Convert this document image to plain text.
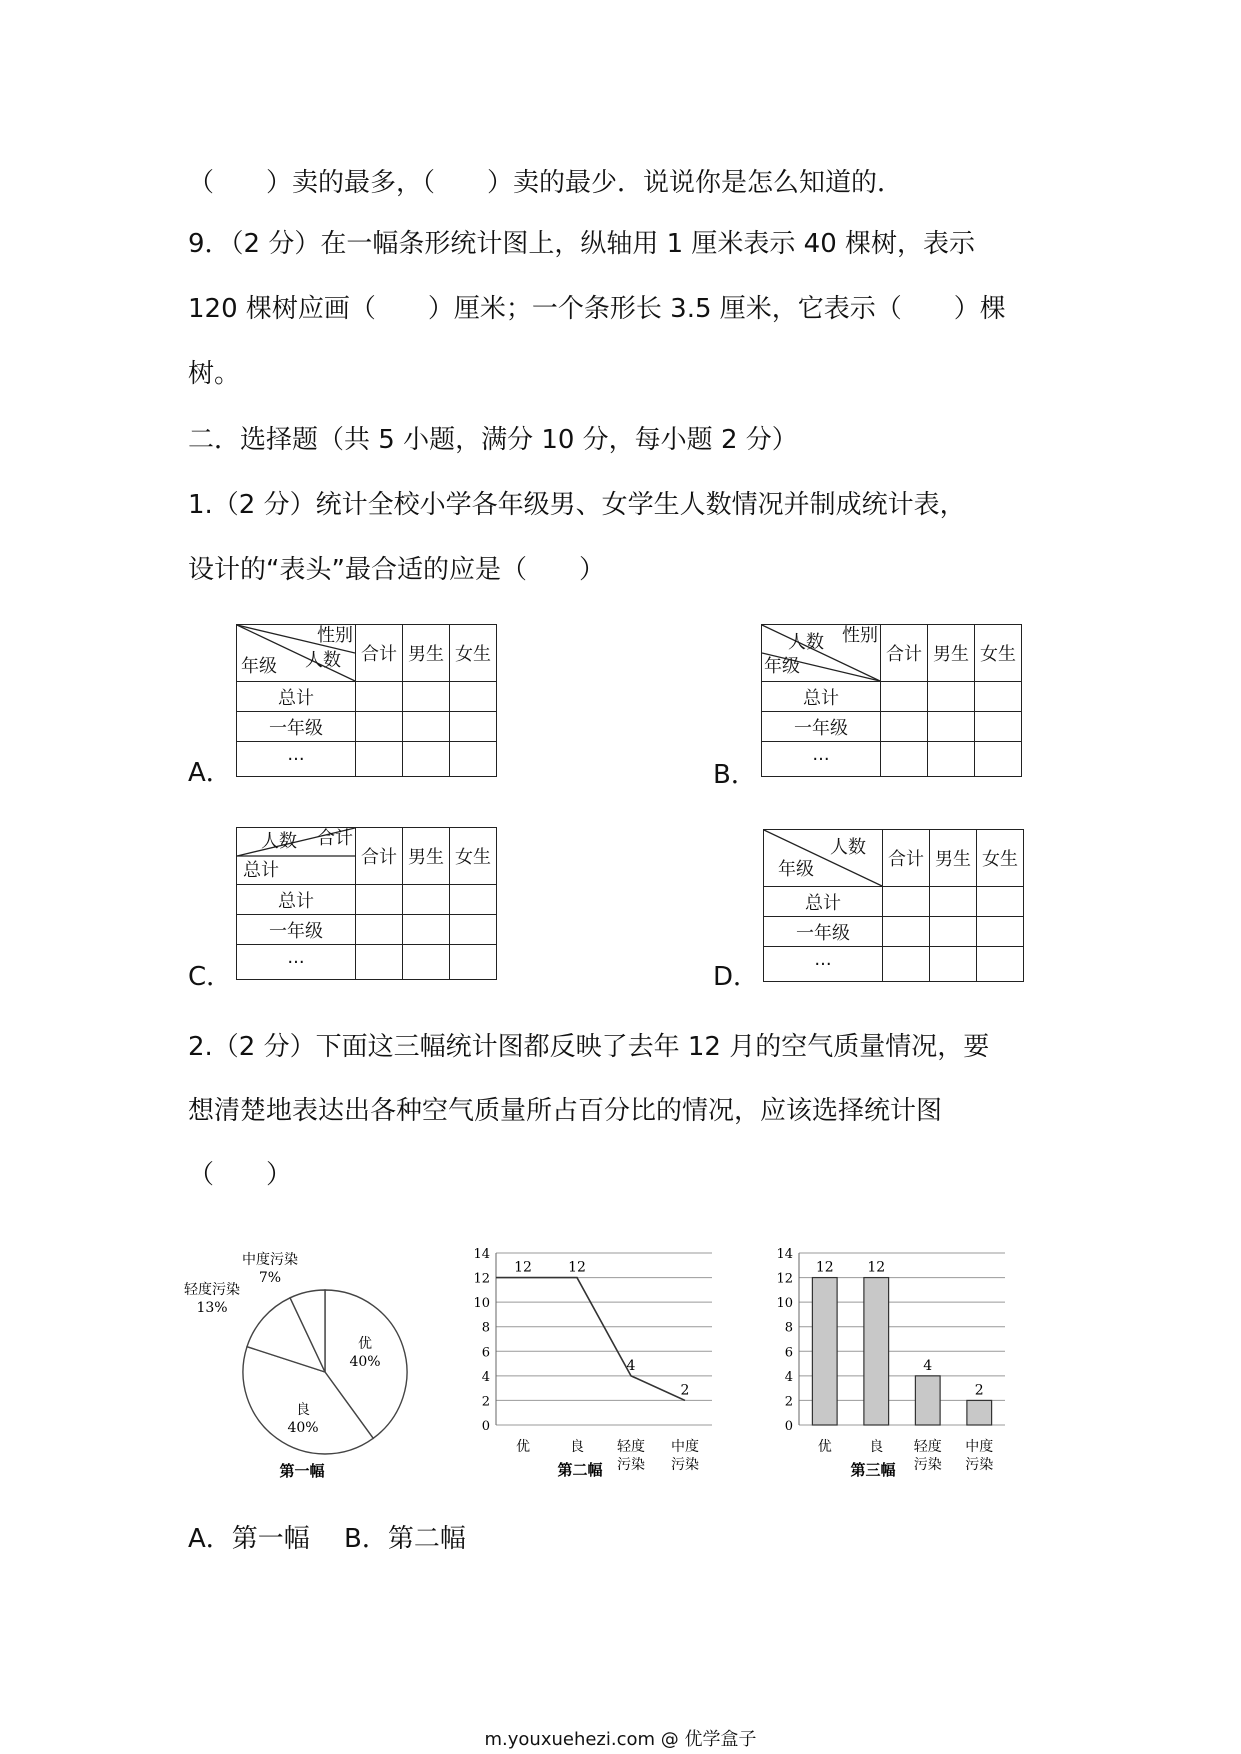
（　　）卖的最多，（　　）卖的最少．说说你是怎么知道的．
9．（2 分）在一幅条形统计图上，纵轴用 1 厘米表示 40 棵树，表示
120 棵树应画（　　）厘米；一个条形长 3.5 厘米，它表示（　　）棵
树。
二．选择题（共 5 小题，满分 10 分，每小题 2 分）
1.（2 分）统计全校小学各年级男、女学生人数情况并制成统计表，
设计的“表头”最合适的应是（　　）
A．
性别
人数
年级	合计	男生	女生
总计			
一年级			
···			
B．
性别
人数
年级	合计	男生	女生
总计			
一年级			
···			
C．
合计
人数
总计	合计	男生	女生
总计			
一年级			
···				D．
人数
年级	合计	男生	女生
总计			
一年级			
···			
2.（2 分）下面这三幅统计图都反映了去年 12 月的空气质量情况，要
想清楚地表达出各种空气质量所占百分比的情况，应该选择统计图
（　　）
优
40%
良
40%
轻度污染
13%
中度污染
7%
第一幅
0
2
4
6
8
10
12
14
优	良 轻度
污染
中度
污染
12	12
4
2
第二幅
0
2
4
6
8
10
12
14
优	良 轻度
污染
中度
污染
12 12
4
2
第三幅
A．第一幅　 B．第二幅
m.youxuehezi.com @ 优学盒子
